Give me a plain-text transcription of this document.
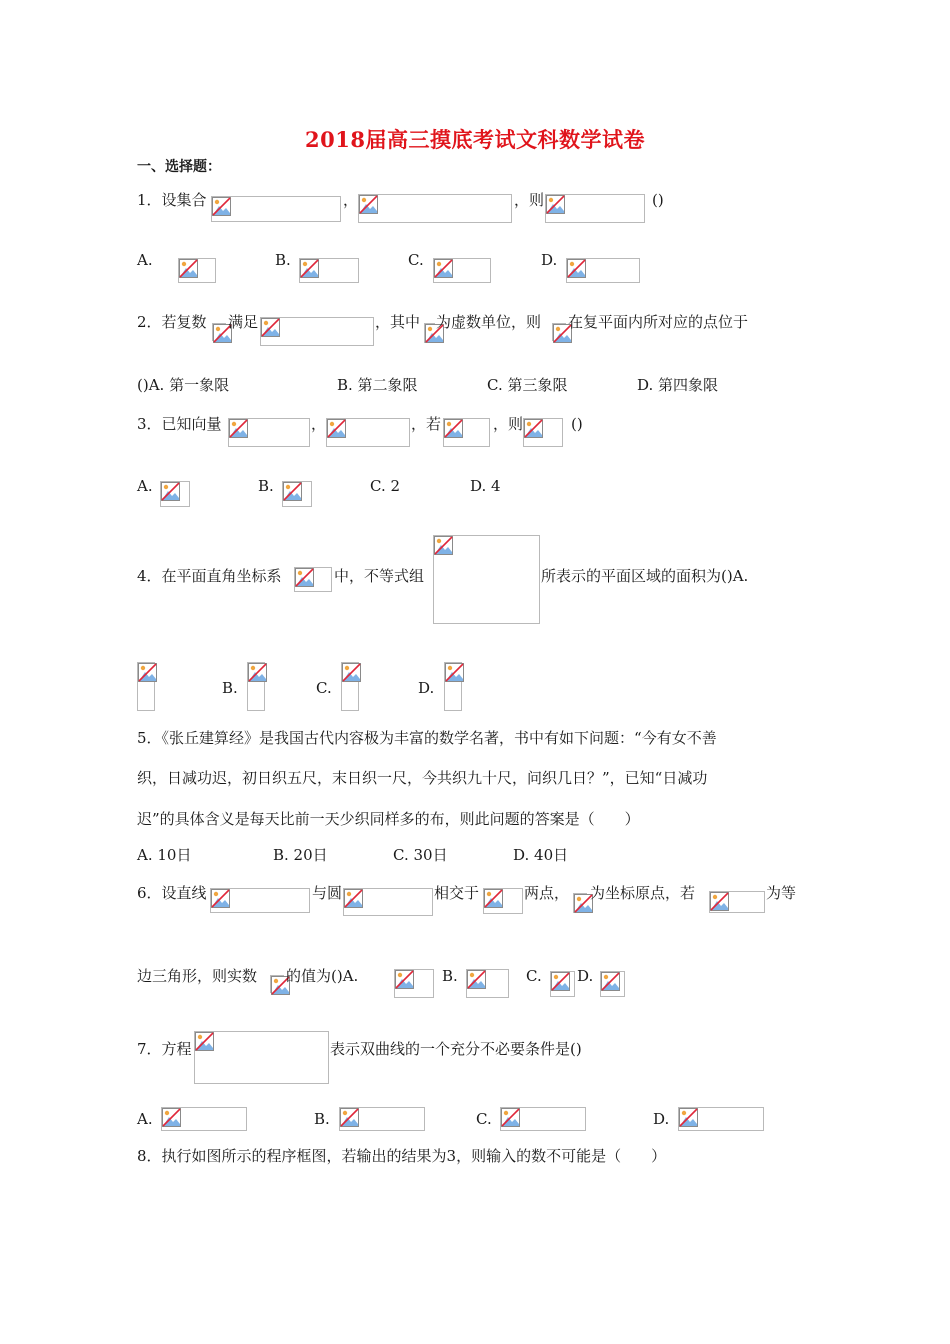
2018届高三摸底考试文科数学试卷
一、选择题：
1．设集合	，	，则	()
A.	B.	C.	D.
2．若复数 满足	，其中 为虚数单位，则 在复平面内所对应的点位于
()A. 第一象限	B. 第二象限	C. 第三象限	D. 第四象限
3．已知向量	，	，若	，则	()
A.	B.	C. 2	D. 4
4．在平面直角坐标系	中，不等式组	所表示的平面区域的面积为()A.
B.	C.	D.
5．《张丘建算经》是我国古代内容极为丰富的数学名著，书中有如下问题：“今有女不善
织，日减功迟，初日织五尺，末日织一尺，今共织九十尺，问织几日？”，已知“日减功
迟”的具体含义是每天比前一天少织同样多的布，则此问题的答案是（　　）
A. 10日	B. 20日	C. 30日	D. 40日
6．设直线	与圆	相交于	两点， 为坐标原点，若	为等
边三角形，则实数 的值为()A.	B.	C. D.
7．方程	表示双曲线的一个充分不必要条件是()
A.	B.	C.	D.
8．执行如图所示的程序框图，若输出的结果为3，则输入的数不可能是（　　）
